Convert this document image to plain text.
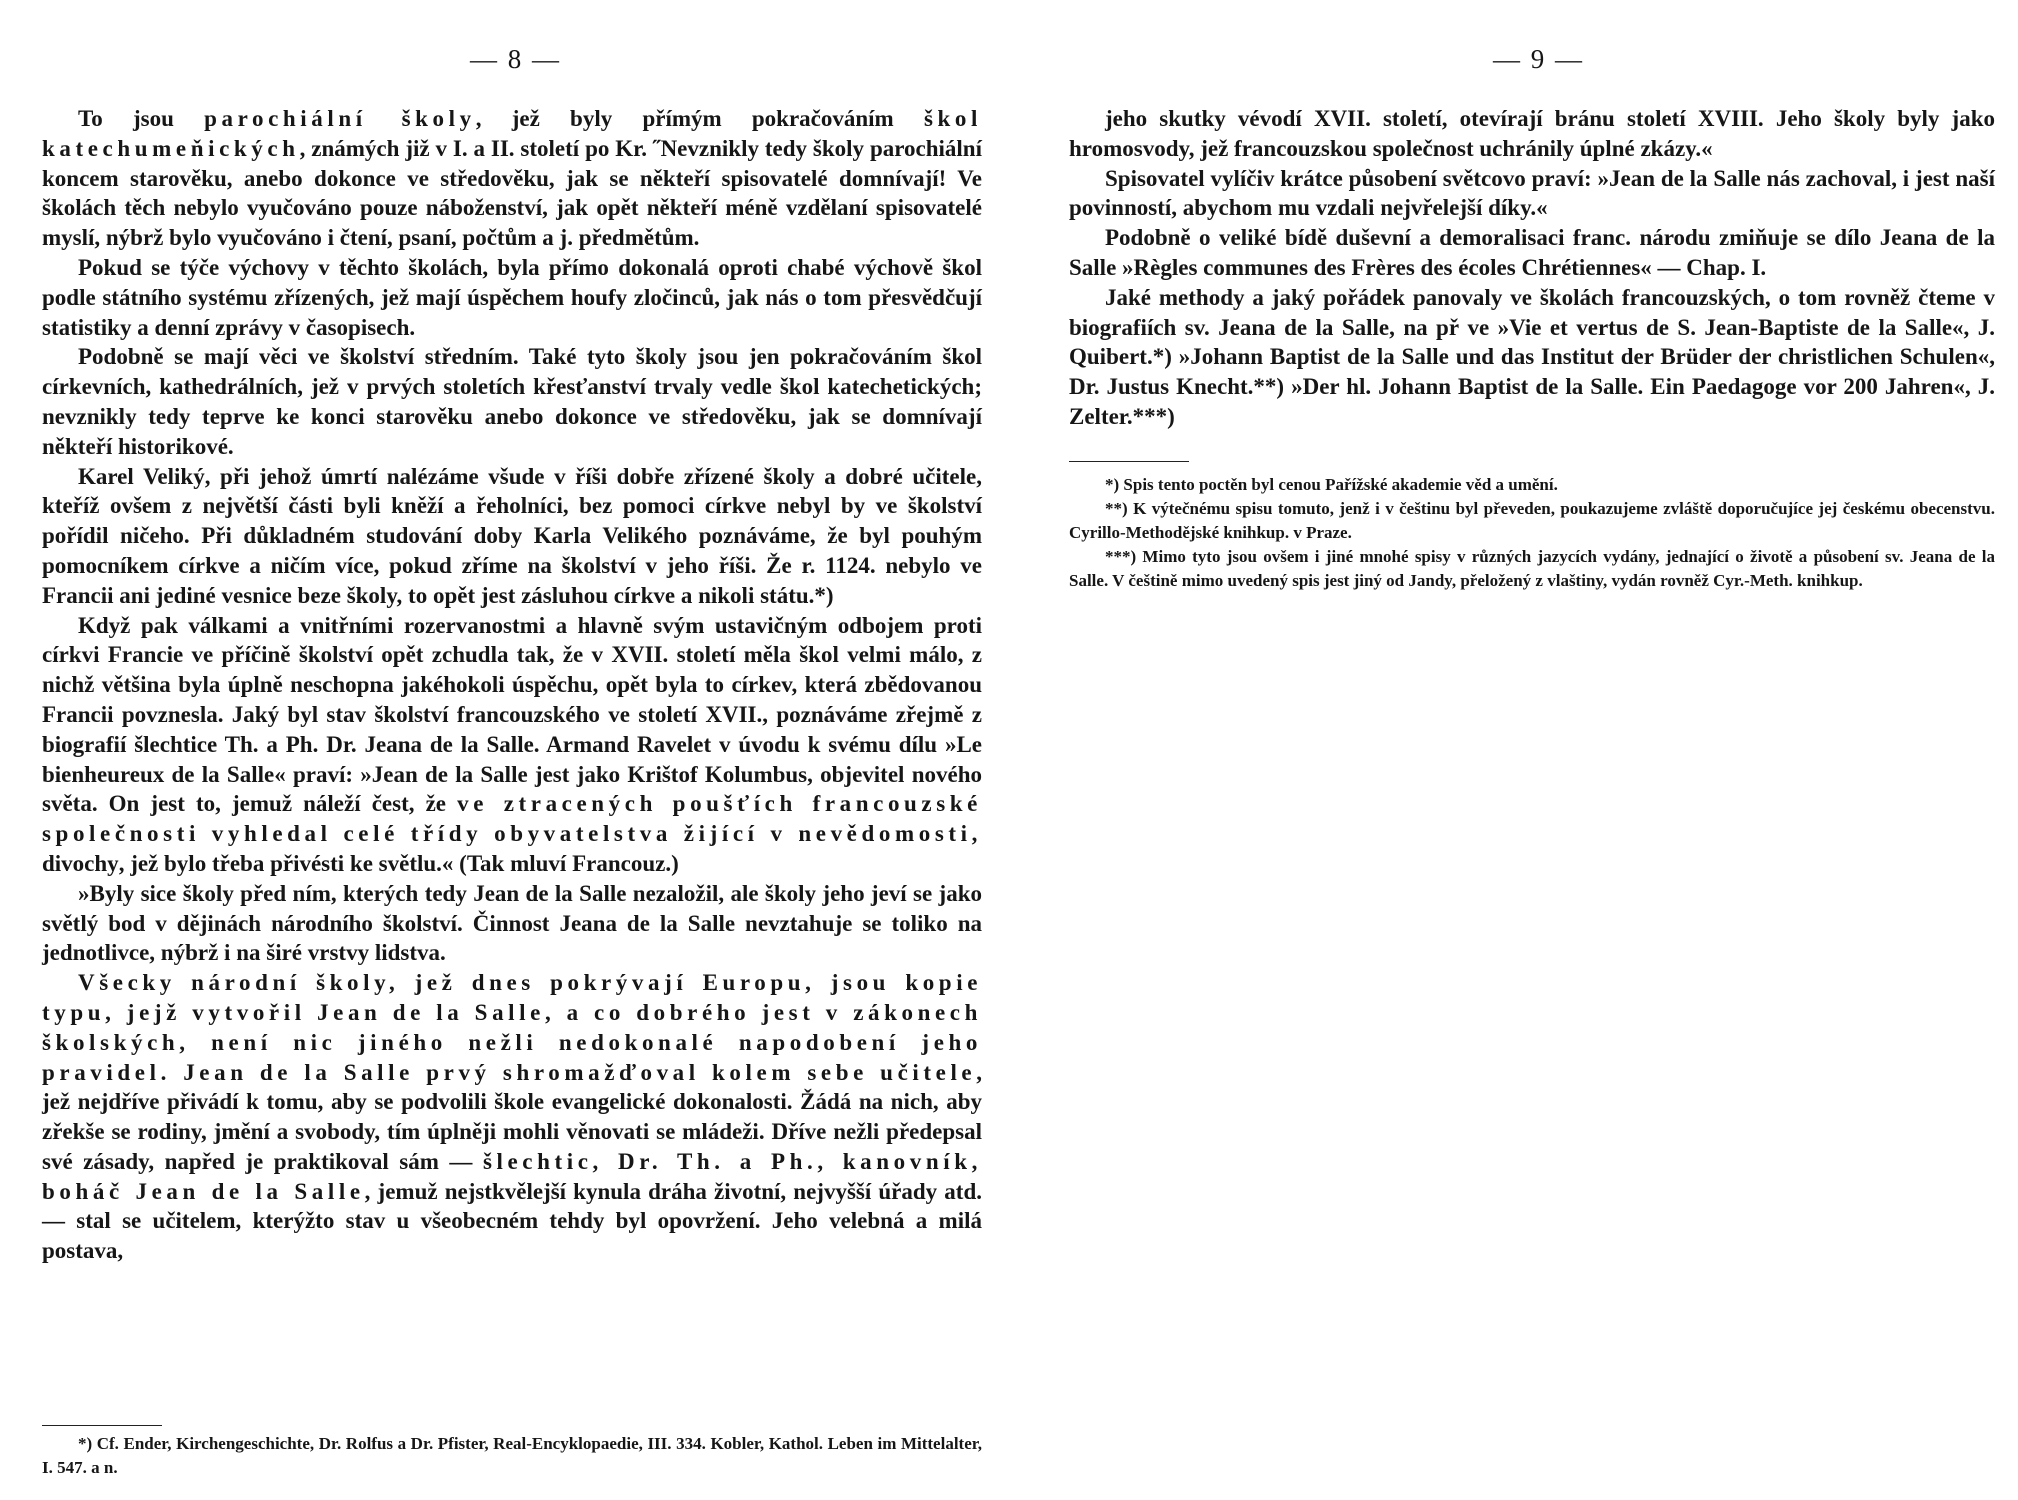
— 8 —

To jsou parochiální školy, jež byly přímým pokračováním škol katechumeňických, známých již v I. a II. století po Kr. ˝Nevznikly tedy školy parochiální koncem starověku, anebo dokonce ve středověku, jak se někteří spisovatelé domnívají! Ve školách těch nebylo vyučováno pouze náboženství, jak opět někteří méně vzdělaní spisovatelé myslí, nýbrž bylo vyučováno i čtení, psaní, počtům a j. předmětům.

Pokud se týče výchovy v těchto školách, byla přímo dokonalá oproti chabé výchově škol podle státního systému zřízených, jež mají úspěchem houfy zločinců, jak nás o tom přesvědčují statistiky a denní zprávy v časopisech.

Podobně se mají věci ve školství středním. Také tyto školy jsou jen pokračováním škol církevních, kathedrálních, jež v prvých stoletích křesťanství trvaly vedle škol katechetických; nevznikly tedy teprve ke konci starověku anebo dokonce ve středověku, jak se domnívají někteří historikové.

Karel Veliký, při jehož úmrtí nalézáme všude v říši dobře zřízené školy a dobré učitele, kteříž ovšem z největší části byli kněží a řeholníci, bez pomoci církve nebyl by ve školství pořídil ničeho. Při důkladném studování doby Karla Velikého poznáváme, že byl pouhým pomocníkem církve a ničím více, pokud zříme na školství v jeho říši. Že r. 1124. nebylo ve Francii ani jediné vesnice beze školy, to opět jest zásluhou církve a nikoli státu.*)

Když pak válkami a vnitřními rozervanostmi a hlavně svým ustavičným odbojem proti církvi Francie ve příčině školství opět zchudla tak, že v XVII. století měla škol velmi málo, z nichž většina byla úplně neschopna jakéhokoli úspěchu, opět byla to církev, která zbědovanou Francii povznesla. Jaký byl stav školství francouzského ve století XVII., poznáváme zřejmě z biografií šlechtice Th. a Ph. Dr. Jeana de la Salle. Armand Ravelet v úvodu k svému dílu »Le bienheureux de la Salle« praví: »Jean de la Salle jest jako Krištof Kolumbus, objevitel nového světa. On jest to, jemuž náleží čest, že ve ztracených poušťích francouzské společnosti vyhledal celé třídy obyvatelstva žijící v nevědomosti, divochy, jež bylo třeba přivésti ke světlu.« (Tak mluví Francouz.)

»Byly sice školy před ním, kterých tedy Jean de la Salle nezaložil, ale školy jeho jeví se jako světlý bod v dějinách národního školství. Činnost Jeana de la Salle nevztahuje se toliko na jednotlivce, nýbrž i na širé vrstvy lidstva.

Všecky národní školy, jež dnes pokrývají Europu, jsou kopie typu, jejž vytvořil Jean de la Salle, a co dobrého jest v zákonech školských, není nic jiného nežli nedokonalé napodobení jeho pravidel. Jean de la Salle prvý shromažďoval kolem sebe učitele, jež nejdříve přivádí k tomu, aby se podvolili škole evangelické dokonalosti. Žádá na nich, aby zřekše se rodiny, jmění a svobody, tím úplněji mohli věnovati se mládeži. Dříve nežli předepsal své zásady, napřed je praktikoval sám — šlechtic, Dr. Th. a Ph., kanovník, boháč Jean de la Salle, jemuž nejstkvělejší kynula dráha životní, nejvyšší úřady atd. — stal se učitelem, kterýžto stav u všeobecném tehdy byl opovržení. Jeho velebná a milá postava,

*) Cf. Ender, Kirchengeschichte, Dr. Rolfus a Dr. Pfister, Real-Encyklopaedie, III. 334. Kobler, Kathol. Leben im Mittelalter, I. 547. a n.

— 9 —

jeho skutky vévodí XVII. století, otevírají bránu století XVIII. Jeho školy byly jako hromosvody, jež francouzskou společnost uchránily úplné zkázy.«

Spisovatel vylíčiv krátce působení světcovo praví: »Jean de la Salle nás zachoval, i jest naší povinností, abychom mu vzdali nejvřelejší díky.«

Podobně o veliké bídě duševní a demoralisaci franc. národu zmiňuje se dílo Jeana de la Salle »Règles communes des Frères des écoles Chrétiennes« — Chap. I.

Jaké methody a jaký pořádek panovaly ve školách francouzských, o tom rovněž čteme v biografiích sv. Jeana de la Salle, na př ve »Vie et vertus de S. Jean-Baptiste de la Salle«, J. Quibert.*) »Johann Baptist de la Salle und das Institut der Brüder der christlichen Schulen«, Dr. Justus Knecht.**) »Der hl. Johann Baptist de la Salle. Ein Paedagoge vor 200 Jahren«, J. Zelter.***)

*) Spis tento poctěn byl cenou Pařížské akademie věd a umění.

**) K výtečnému spisu tomuto, jenž i v češtinu byl převeden, poukazujeme zvláště doporučujíce jej českému obecenstvu. Cyrillo-Methodějské knihkup. v Praze.

***) Mimo tyto jsou ovšem i jiné mnohé spisy v různých jazycích vydány, jednající o životě a působení sv. Jeana de la Salle. V češtině mimo uvedený spis jest jiný od Jandy, přeložený z vlaštiny, vydán rovněž Cyr.-Meth. knihkup.
